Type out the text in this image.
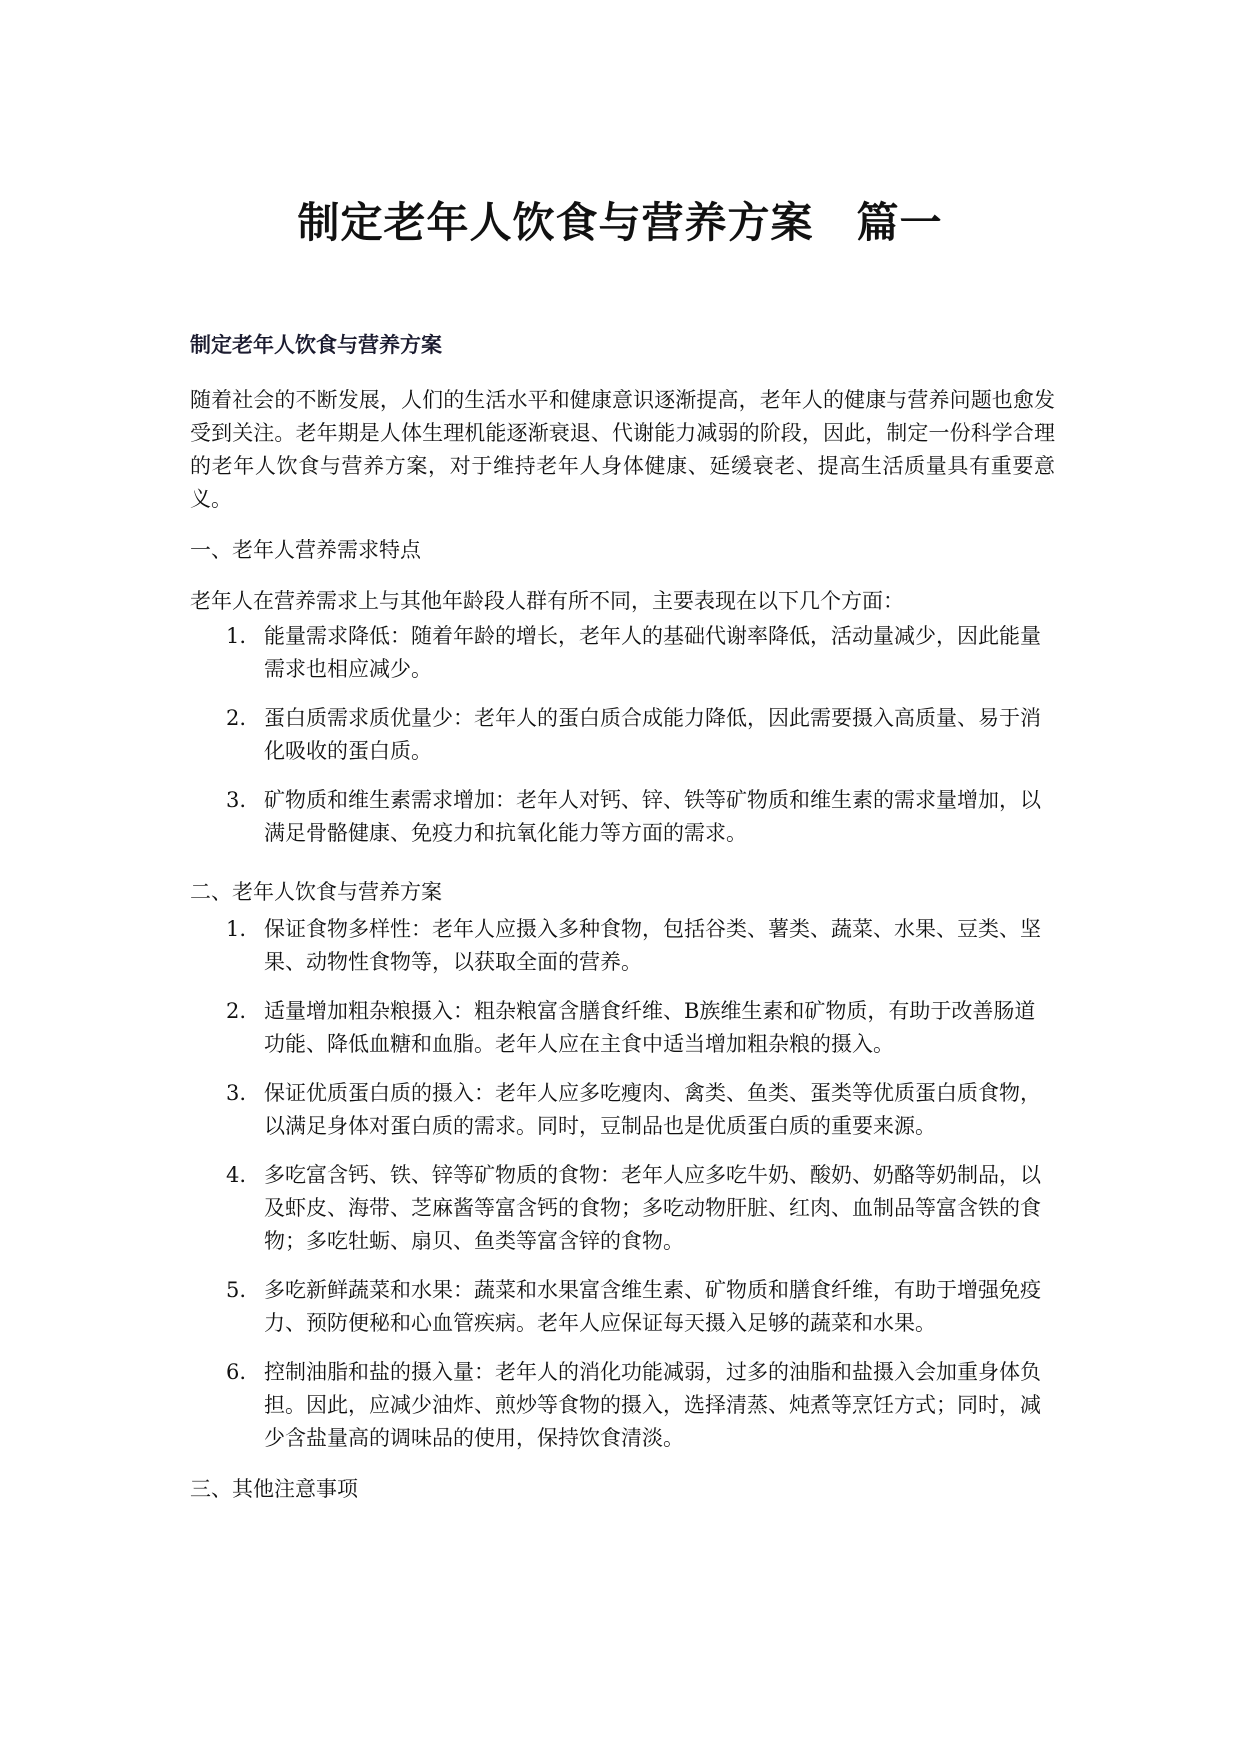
制定老年人饮食与营养方案　篇一

制定老年人饮食与营养方案

随着社会的不断发展，人们的生活水平和健康意识逐渐提高，老年人的健康与营养问题也愈发受到关注。老年期是人体生理机能逐渐衰退、代谢能力减弱的阶段，因此，制定一份科学合理的老年人饮食与营养方案，对于维持老年人身体健康、延缓衰老、提高生活质量具有重要意义。

一、老年人营养需求特点

老年人在营养需求上与其他年龄段人群有所不同，主要表现在以下几个方面：

1. 能量需求降低：随着年龄的增长，老年人的基础代谢率降低，活动量减少，因此能量需求也相应减少。
2. 蛋白质需求质优量少：老年人的蛋白质合成能力降低，因此需要摄入高质量、易于消化吸收的蛋白质。
3. 矿物质和维生素需求增加：老年人对钙、锌、铁等矿物质和维生素的需求量增加，以满足骨骼健康、免疫力和抗氧化能力等方面的需求。

二、老年人饮食与营养方案

1. 保证食物多样性：老年人应摄入多种食物，包括谷类、薯类、蔬菜、水果、豆类、坚果、动物性食物等，以获取全面的营养。
2. 适量增加粗杂粮摄入：粗杂粮富含膳食纤维、B族维生素和矿物质，有助于改善肠道功能、降低血糖和血脂。老年人应在主食中适当增加粗杂粮的摄入。
3. 保证优质蛋白质的摄入：老年人应多吃瘦肉、禽类、鱼类、蛋类等优质蛋白质食物，以满足身体对蛋白质的需求。同时，豆制品也是优质蛋白质的重要来源。
4. 多吃富含钙、铁、锌等矿物质的食物：老年人应多吃牛奶、酸奶、奶酪等奶制品，以及虾皮、海带、芝麻酱等富含钙的食物；多吃动物肝脏、红肉、血制品等富含铁的食物；多吃牡蛎、扇贝、鱼类等富含锌的食物。
5. 多吃新鲜蔬菜和水果：蔬菜和水果富含维生素、矿物质和膳食纤维，有助于增强免疫力、预防便秘和心血管疾病。老年人应保证每天摄入足够的蔬菜和水果。
6. 控制油脂和盐的摄入量：老年人的消化功能减弱，过多的油脂和盐摄入会加重身体负担。因此，应减少油炸、煎炒等食物的摄入，选择清蒸、炖煮等烹饪方式；同时，减少含盐量高的调味品的使用，保持饮食清淡。

三、其他注意事项
